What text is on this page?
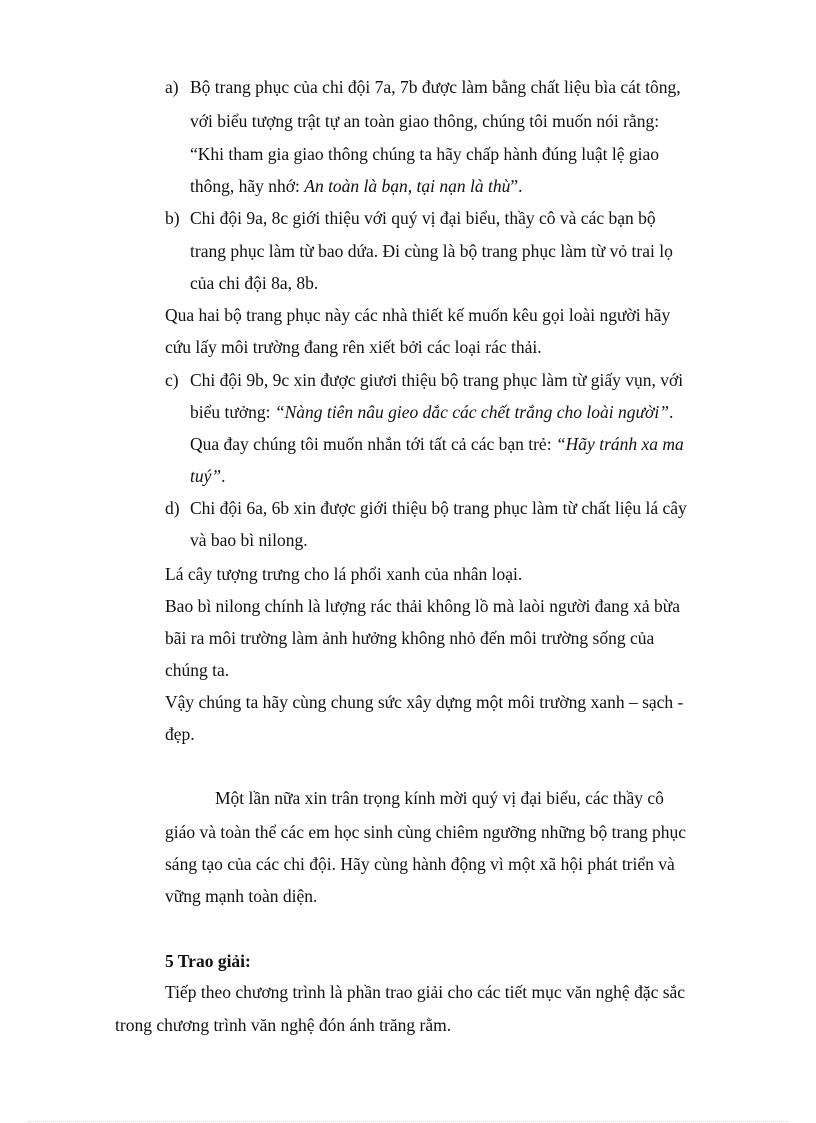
a) Bộ trang phục của chi đội 7a, 7b được làm bằng chất liệu bìa cát tông,
với biểu tượng trật tự an toàn giao thông, chúng tôi muốn nói rằng:
“Khi tham gia giao thông chúng ta hãy chấp hành đúng luật lệ giao
thông, hãy nhớ: An toàn là bạn, tại nạn là thù”.
b) Chi đội 9a, 8c giới thiệu với quý vị đại biểu, thầy cô và các bạn bộ
trang phục làm từ bao dứa. Đi cùng là bộ trang phục làm từ vỏ trai lọ
của chi đội 8a, 8b.
Qua hai bộ trang phục này các nhà thiết kế muốn kêu gọi loài người hãy
cứu lấy môi trường đang rên xiết bởi các loại rác thải.
c) Chi đội 9b, 9c xin được giươi thiệu bộ trang phục làm từ giấy vụn, với
biểu tưởng: “Nàng tiên nâu gieo dắc các chết trắng cho loài người”.
Qua đay chúng tôi muốn nhắn tới tất cả các bạn trẻ: “Hãy tránh xa ma
tuý”.
d) Chi đội 6a, 6b xin được giới thiệu bộ trang phục làm từ chất liệu lá cây
và bao bì nilong.
Lá cây tượng trưng cho lá phổi xanh của nhân loại.
Bao bì nilong chính là lượng rác thải không lồ mà laòi người đang xả bừa
bãi ra môi trường làm ảnh hưởng không nhỏ đến môi trường sống của
chúng ta.
Vậy chúng ta hãy cùng chung sức xây dựng một môi trường xanh – sạch -
đẹp.
Một lần nữa xin trân trọng kính mời quý vị đại biểu, các thầy cô
giáo và toàn thể các em học sinh cùng chiêm ngưỡng những bộ trang phục
sáng tạo của các chi đội. Hãy cùng hành động vì một xã hội phát triển và
vững mạnh toàn diện.
5 Trao giải:
Tiếp theo chương trình là phần trao giải cho các tiết mục văn nghệ đặc sắc
trong chương trình văn nghệ đón ánh trăng rằm.
